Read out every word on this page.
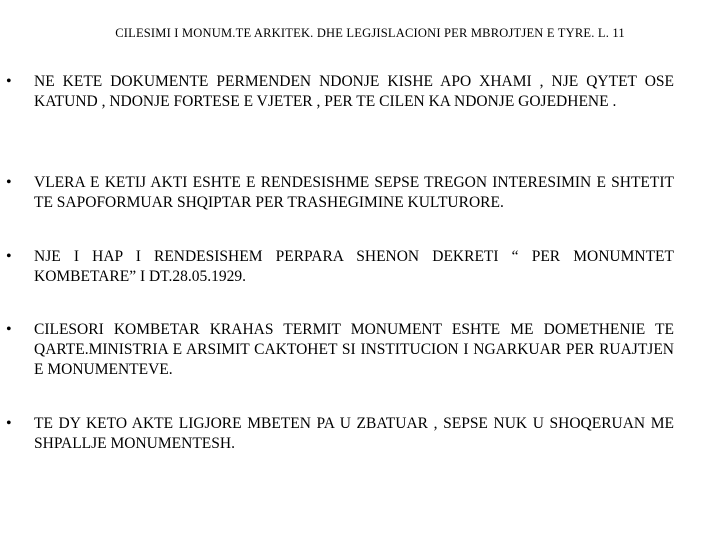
CILESIMI I MONUM.TE ARKITEK. DHE LEGJISLACIONI PER MBROJTJEN E TYRE. L. 11
• NE KETE DOKUMENTE PERMENDEN NDONJE KISHE APO XHAMI , NJE QYTET OSE KATUND , NDONJE FORTESE E VJETER , PER TE CILEN KA NDONJE GOJEDHENE .
• VLERA E KETIJ AKTI ESHTE E RENDESISHME SEPSE TREGON INTERESIMIN E SHTETIT TE SAPOFORMUAR SHQIPTAR PER TRASHEGIMINE KULTURORE.
• NJE I HAP I RENDESISHEM PERPARA SHENON DEKRETI “ PER MONUMNTET KOMBETARE” I DT.28.05.1929.
• CILESORI KOMBETAR KRAHAS TERMIT MONUMENT ESHTE ME DOMETHENIE TE QARTE.MINISTRIA E ARSIMIT CAKTOHET SI INSTITUCION I NGARKUAR PER RUAJTJEN E MONUMENTEVE.
• TE DY KETO AKTE LIGJORE MBETEN PA U ZBATUAR , SEPSE NUK U SHOQERUAN ME SHPALLJE MONUMENTESH.
